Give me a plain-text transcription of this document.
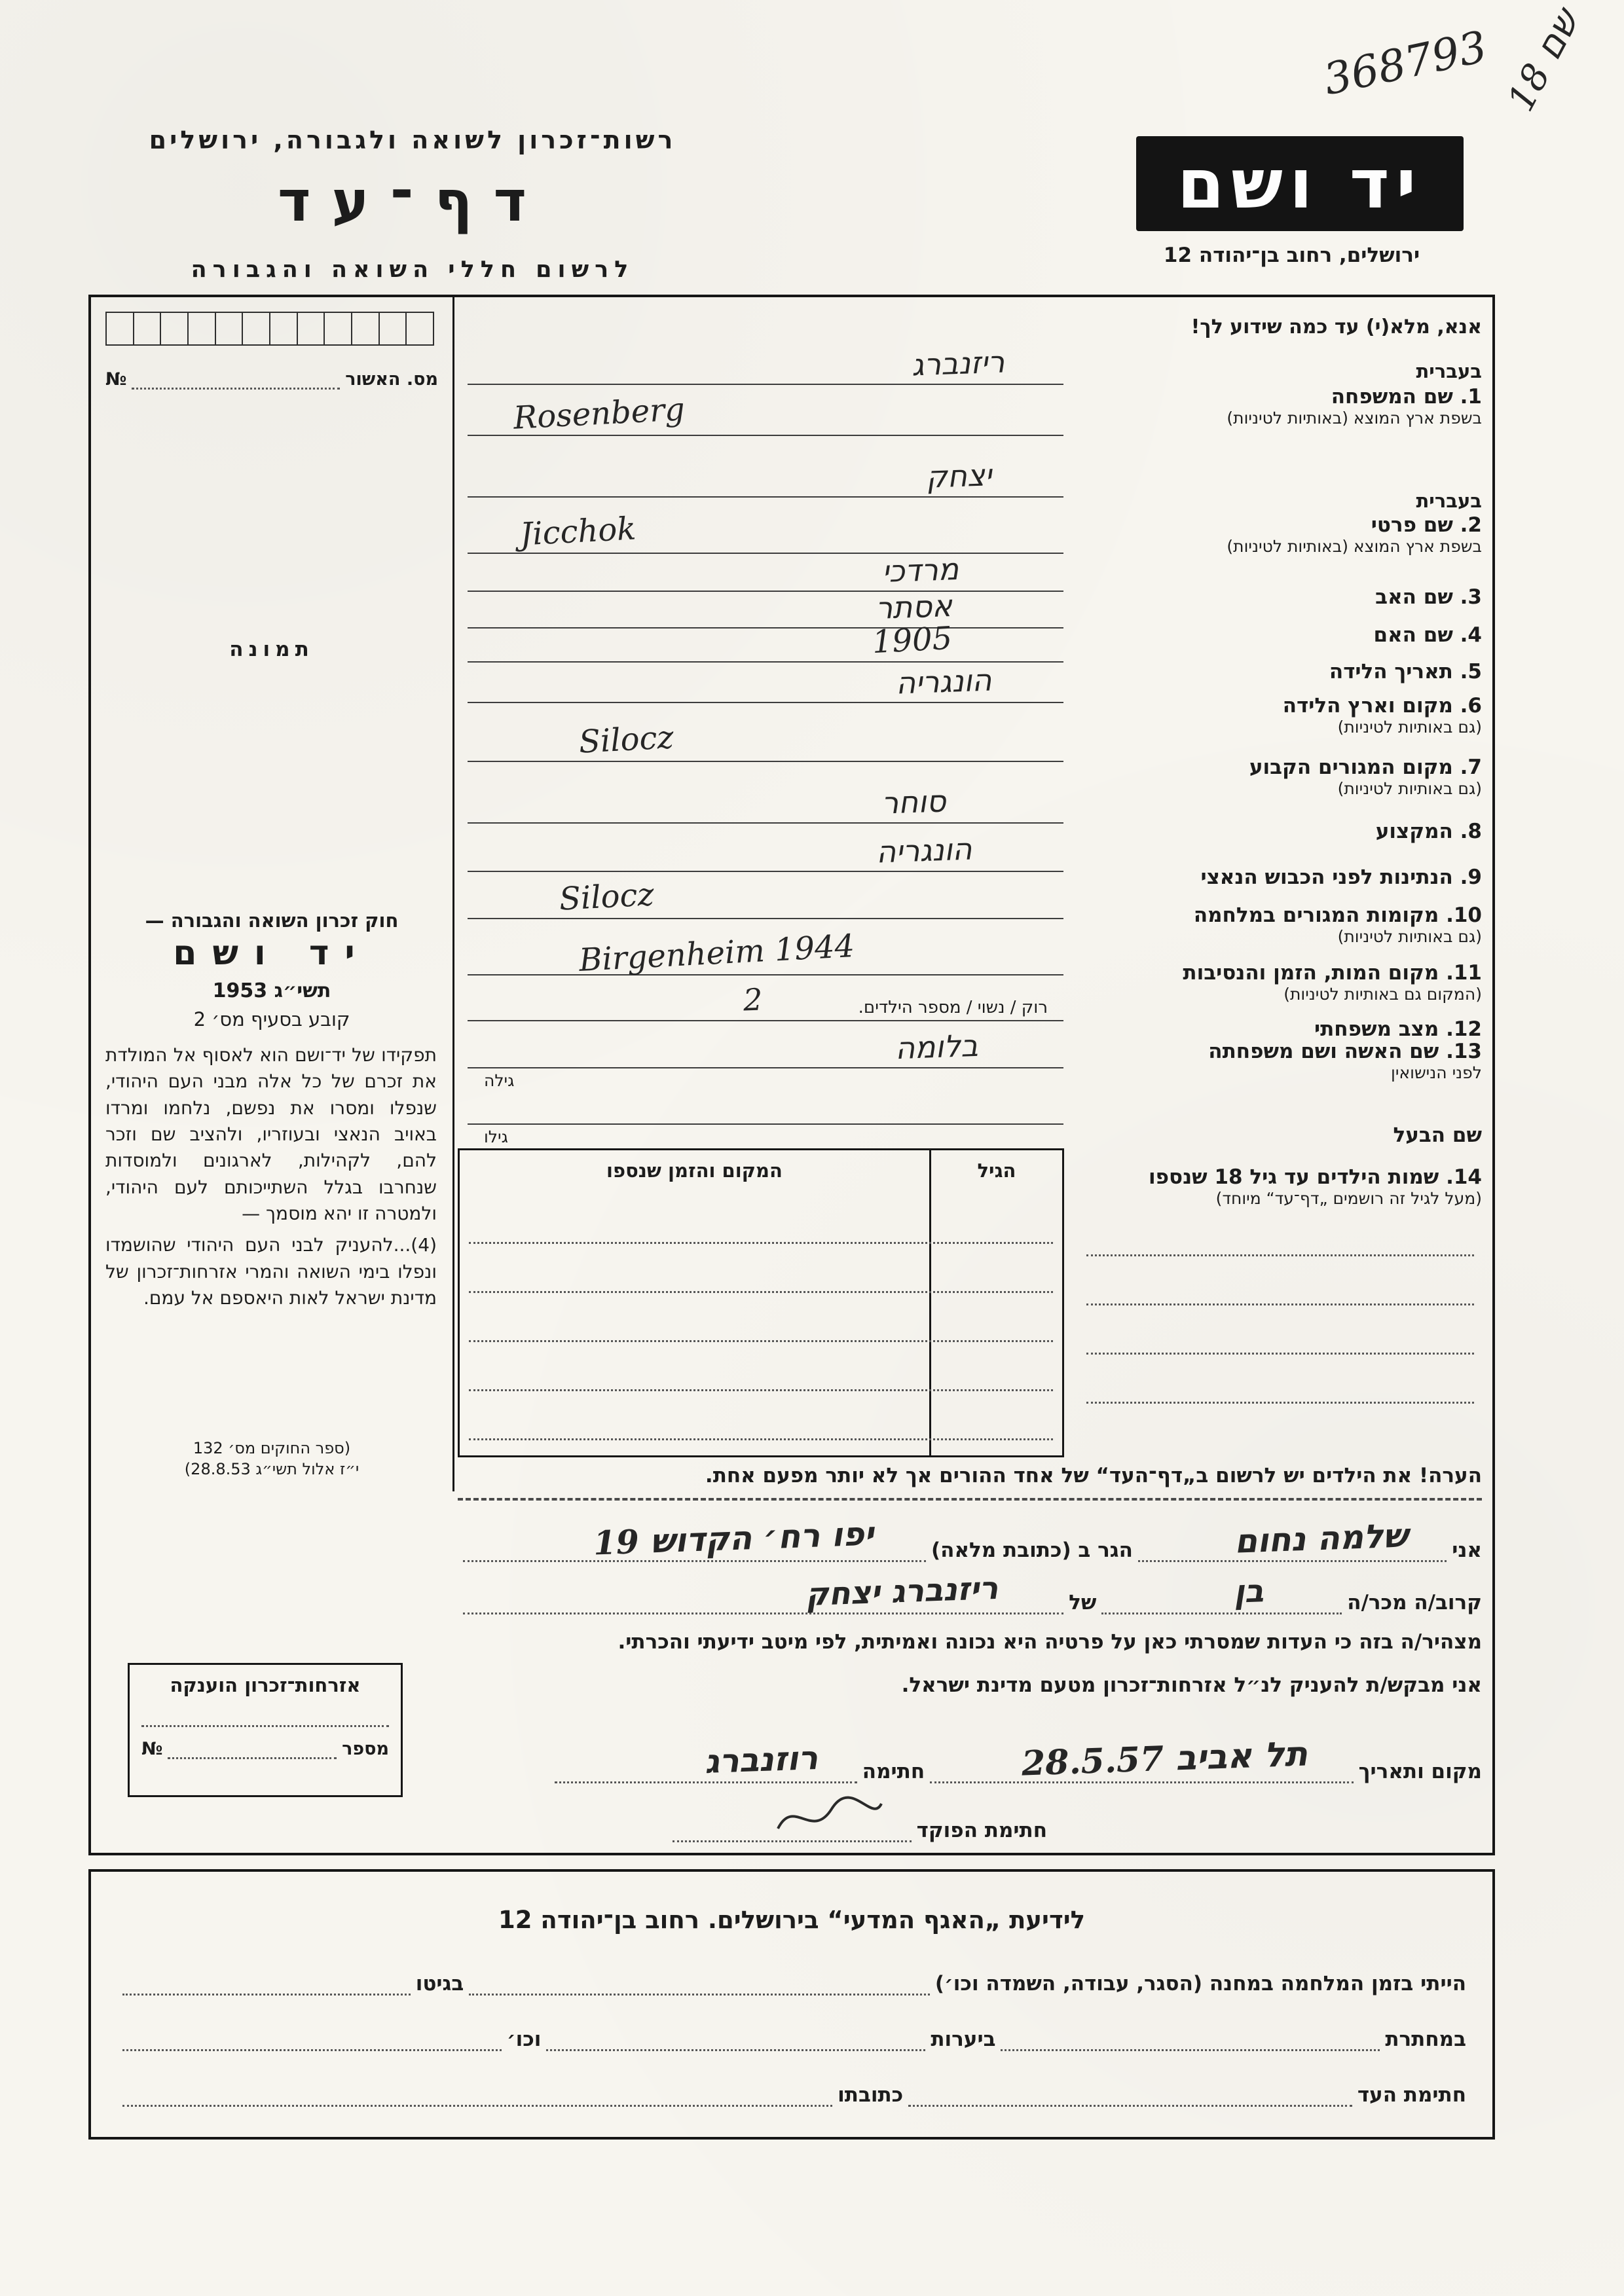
368793 שם 18
רשות־זכרון לשואה ולגבורה, ירושלים
דף־עד
לרשום חללי השואה והגבורה
יד ושם
ירושלים, רחוב בן־יהודה 12
מס. האשור
№
תמונה
חוק זכרון השואה והגבורה —
יד ושם
תשי״ג 1953
קובע בסעיף מס׳ 2

תפקידו של יד־ושם הוא לאסוף אל המולדת את זכרם של כל אלה מבני העם היהודי, שנפלו ומסרו את נפשם, נלחמו ומרדו באויב הנאצי ובעוזריו, ולהציב שם וזכר להם, לקהילות, לארגונים ולמוסדות שנחרבו בגלל השתייכותם לעם היהודי, ולמטרה זו יהא מוסמך —

(4)...להעניק לבני העם היהודי שהושמדו ונפלו בימי השואה והמרי אזרחות־זכרון של מדינת ישראל לאות היאספם אל עמם.

(ספר החוקים מס׳ 132
י״ז אלול תשי״ג 28.8.53)
אנא, מלא(י) עד כמה שידוע לך!
בעברית
1. שם המשפחה
בשפת ארץ המוצא (באותיות לטיניות)
בעברית
2. שם פרטי
בשפת ארץ המוצא (באותיות לטיניות)
3. שם האב
4. שם האם
5. תאריך הלידה
6. מקום וארץ הלידה
(גם באותיות לטיניות)
7. מקום המגורים הקבוע
(גם באותיות לטיניות)
8. המקצוע
9. הנתינות לפני הכבוש הנאצי
10. מקומות המגורים במלחמה
(גם באותיות לטיניות)
11. מקום המות, הזמן והנסיבות
(המקום גם באותיות לטיניות)
12. מצב משפחתי
13. שם האשה ושם משפחתה
לפני הנישואין
שם הבעל
14. שמות הילדים עד גיל 18 שנספו
(מעל לגיל זה רושמים „דף־עד“ מיוחד)
ריזנברג
Rosenberg
יצחק
Jicchok
מרדכי
אסתר
1905
הונגריה
Silocz
סוחר
הונגריה
Silocz
Birgenheim 1944
רוק / נשוי / מספר הילדים.
2
בלומה
גילה
גילו
הגיל
המקום והזמן שנספו
הערה! את הילדים יש לרשום ב„דף־העד“ של אחד ההורים אך לא יותר מפעם אחת.
אני
שלמה נחום
הגר ב (כתובת מלאה)
יפו רח׳ הקדוש 19
קרוב/ה מכר/ה
בן
של
ריזנברג יצחק
מצהיר/ה בזה כי העדות שמסרתי כאן על פרטיה היא נכונה ואמיתית, לפי מיטב ידיעתי והכרתי.
אני מבקש/ת להעניק לנ״ל אזרחות־זכרון מטעם מדינת ישראל.
מקום ותאריך
תל אביב 28.5.57
חתימה
רוזנברג
חתימת הפוקד
אזרחות־זכרון הוענקה
מספר
№
לידיעת „האגף המדעי“ בירושלים. רחוב בן־יהודה 12
הייתי בזמן המלחמה במחנה (הסגר, עבודה, השמדה וכו׳)
בגיטו
במחתרת
ביערות
וכו׳
חתימת העד
כתובתו
